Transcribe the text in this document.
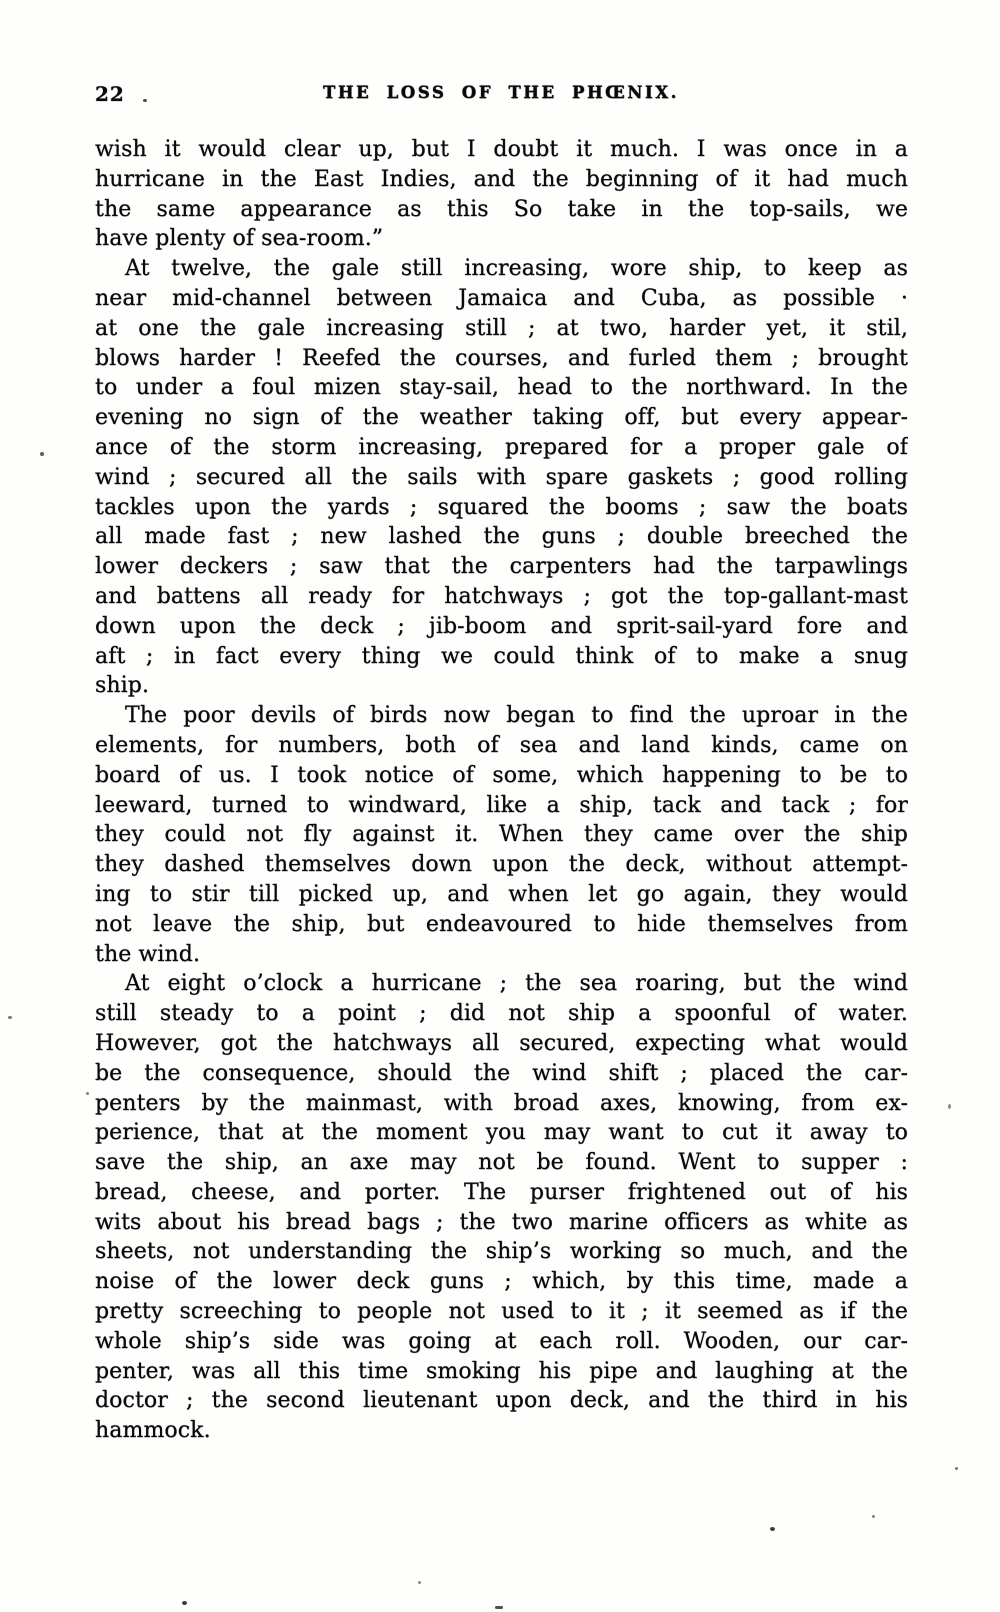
22	THE LOSS OF THE PHŒNIX.
wish it would clear up, but I doubt it much. I was once in a
hurricane in the East Indies, and the beginning of it had much
the same appearance as this So take in the top-sails, we
have plenty of sea-room.”
At twelve, the gale still increasing, wore ship, to keep as
near mid-channel between Jamaica and Cuba, as possible ·
at one the gale increasing still ; at two, harder yet, it stil,
blows harder ! Reefed the courses, and furled them ; brought
to under a foul mizen stay-sail, head to the northward. In the
evening no sign of the weather taking off, but every appear-
ance of the storm increasing, prepared for a proper gale of
wind ; secured all the sails with spare gaskets ; good rolling
tackles upon the yards ; squared the booms ; saw the boats
all made fast ; new lashed the guns ; double breeched the
lower deckers ; saw that the carpenters had the tarpawlings
and battens all ready for hatchways ; got the top-gallant-mast
down upon the deck ; jib-boom and sprit-sail-yard fore and
aft ; in fact every thing we could think of to make a snug
ship.
The poor devils of birds now began to find the uproar in the
elements, for numbers, both of sea and land kinds, came on
board of us. I took notice of some, which happening to be to
leeward, turned to windward, like a ship, tack and tack ; for
they could not fly against it. When they came over the ship
they dashed themselves down upon the deck, without attempt-
ing to stir till picked up, and when let go again, they would
not leave the ship, but endeavoured to hide themselves from
the wind.
At eight o’clock a hurricane ; the sea roaring, but the wind
still steady to a point ; did not ship a spoonful of water.
However, got the hatchways all secured, expecting what would
be the consequence, should the wind shift ; placed the car-
penters by the mainmast, with broad axes, knowing, from ex-
perience, that at the moment you may want to cut it away to
save the ship, an axe may not be found. Went to supper :
bread, cheese, and porter. The purser frightened out of his
wits about his bread bags ; the two marine officers as white as
sheets, not understanding the ship’s working so much, and the
noise of the lower deck guns ; which, by this time, made a
pretty screeching to people not used to it ; it seemed as if the
whole ship’s side was going at each roll. Wooden, our car-
penter, was all this time smoking his pipe and laughing at the
doctor ; the second lieutenant upon deck, and the third in his
hammock.
